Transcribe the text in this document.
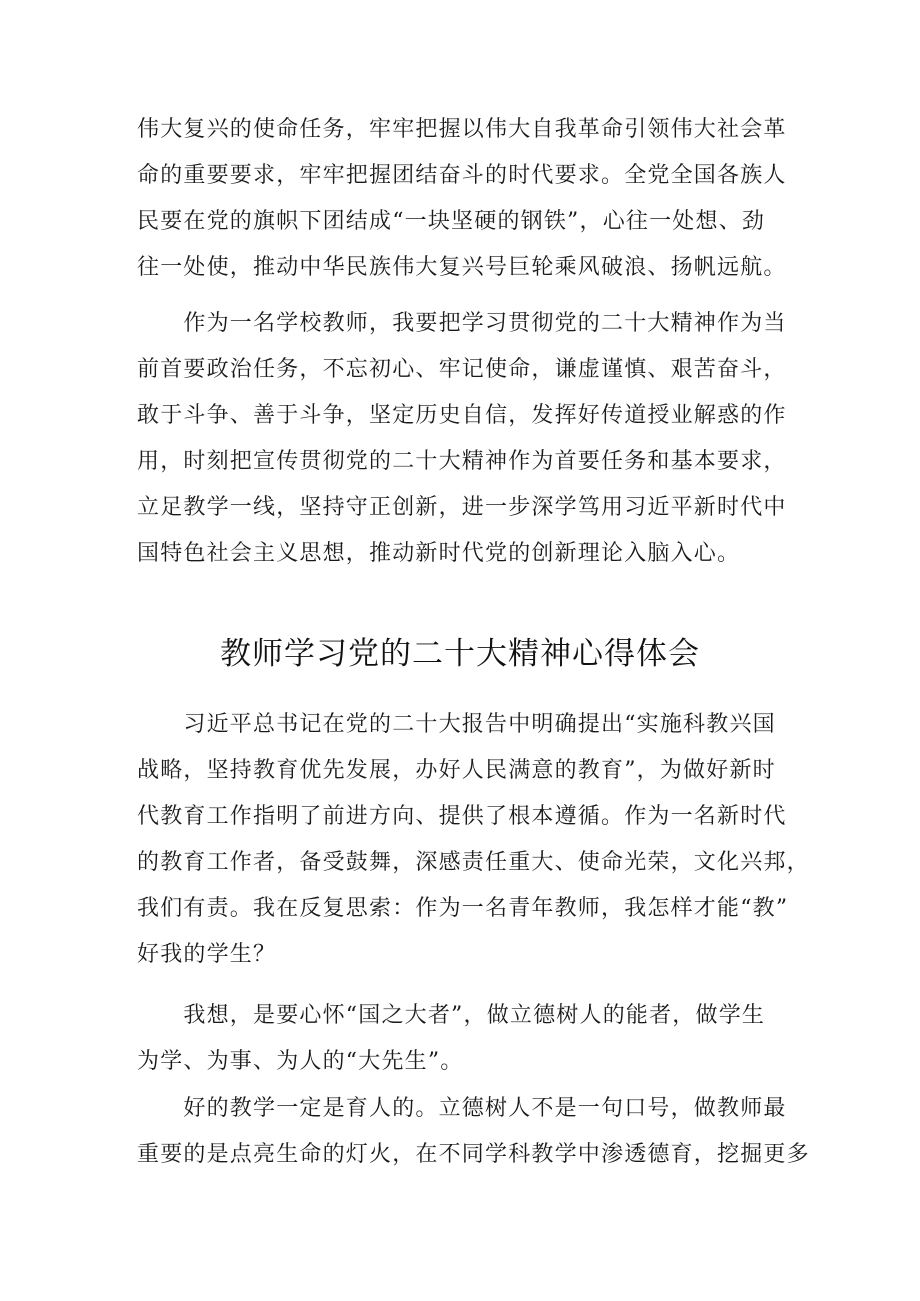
伟大复兴的使命任务，牢牢把握以伟大自我革命引领伟大社会革
命的重要要求，牢牢把握团结奋斗的时代要求。全党全国各族人
民要在党的旗帜下团结成“一块坚硬的钢铁”，心往一处想、劲
往一处使，推动中华民族伟大复兴号巨轮乘风破浪、扬帆远航。
　　作为一名学校教师，我要把学习贯彻党的二十大精神作为当
前首要政治任务，不忘初心、牢记使命，谦虚谨慎、艰苦奋斗，
敢于斗争、善于斗争，坚定历史自信，发挥好传道授业解惑的作
用，时刻把宣传贯彻党的二十大精神作为首要任务和基本要求，
立足教学一线，坚持守正创新，进一步深学笃用习近平新时代中
国特色社会主义思想，推动新时代党的创新理论入脑入心。
教师学习党的二十大精神心得体会
　　习近平总书记在党的二十大报告中明确提出“实施科教兴国
战略，坚持教育优先发展，办好人民满意的教育”，为做好新时
代教育工作指明了前进方向、提供了根本遵循。作为一名新时代
的教育工作者，备受鼓舞，深感责任重大、使命光荣，文化兴邦，
我们有责。我在反复思索：作为一名青年教师，我怎样才能“教”
好我的学生？
　　我想，是要心怀“国之大者”，做立德树人的能者，做学生
为学、为事、为人的“大先生”。
　　好的教学一定是育人的。立德树人不是一句口号，做教师最
重要的是点亮生命的灯火，在不同学科教学中渗透德育，挖掘更多
